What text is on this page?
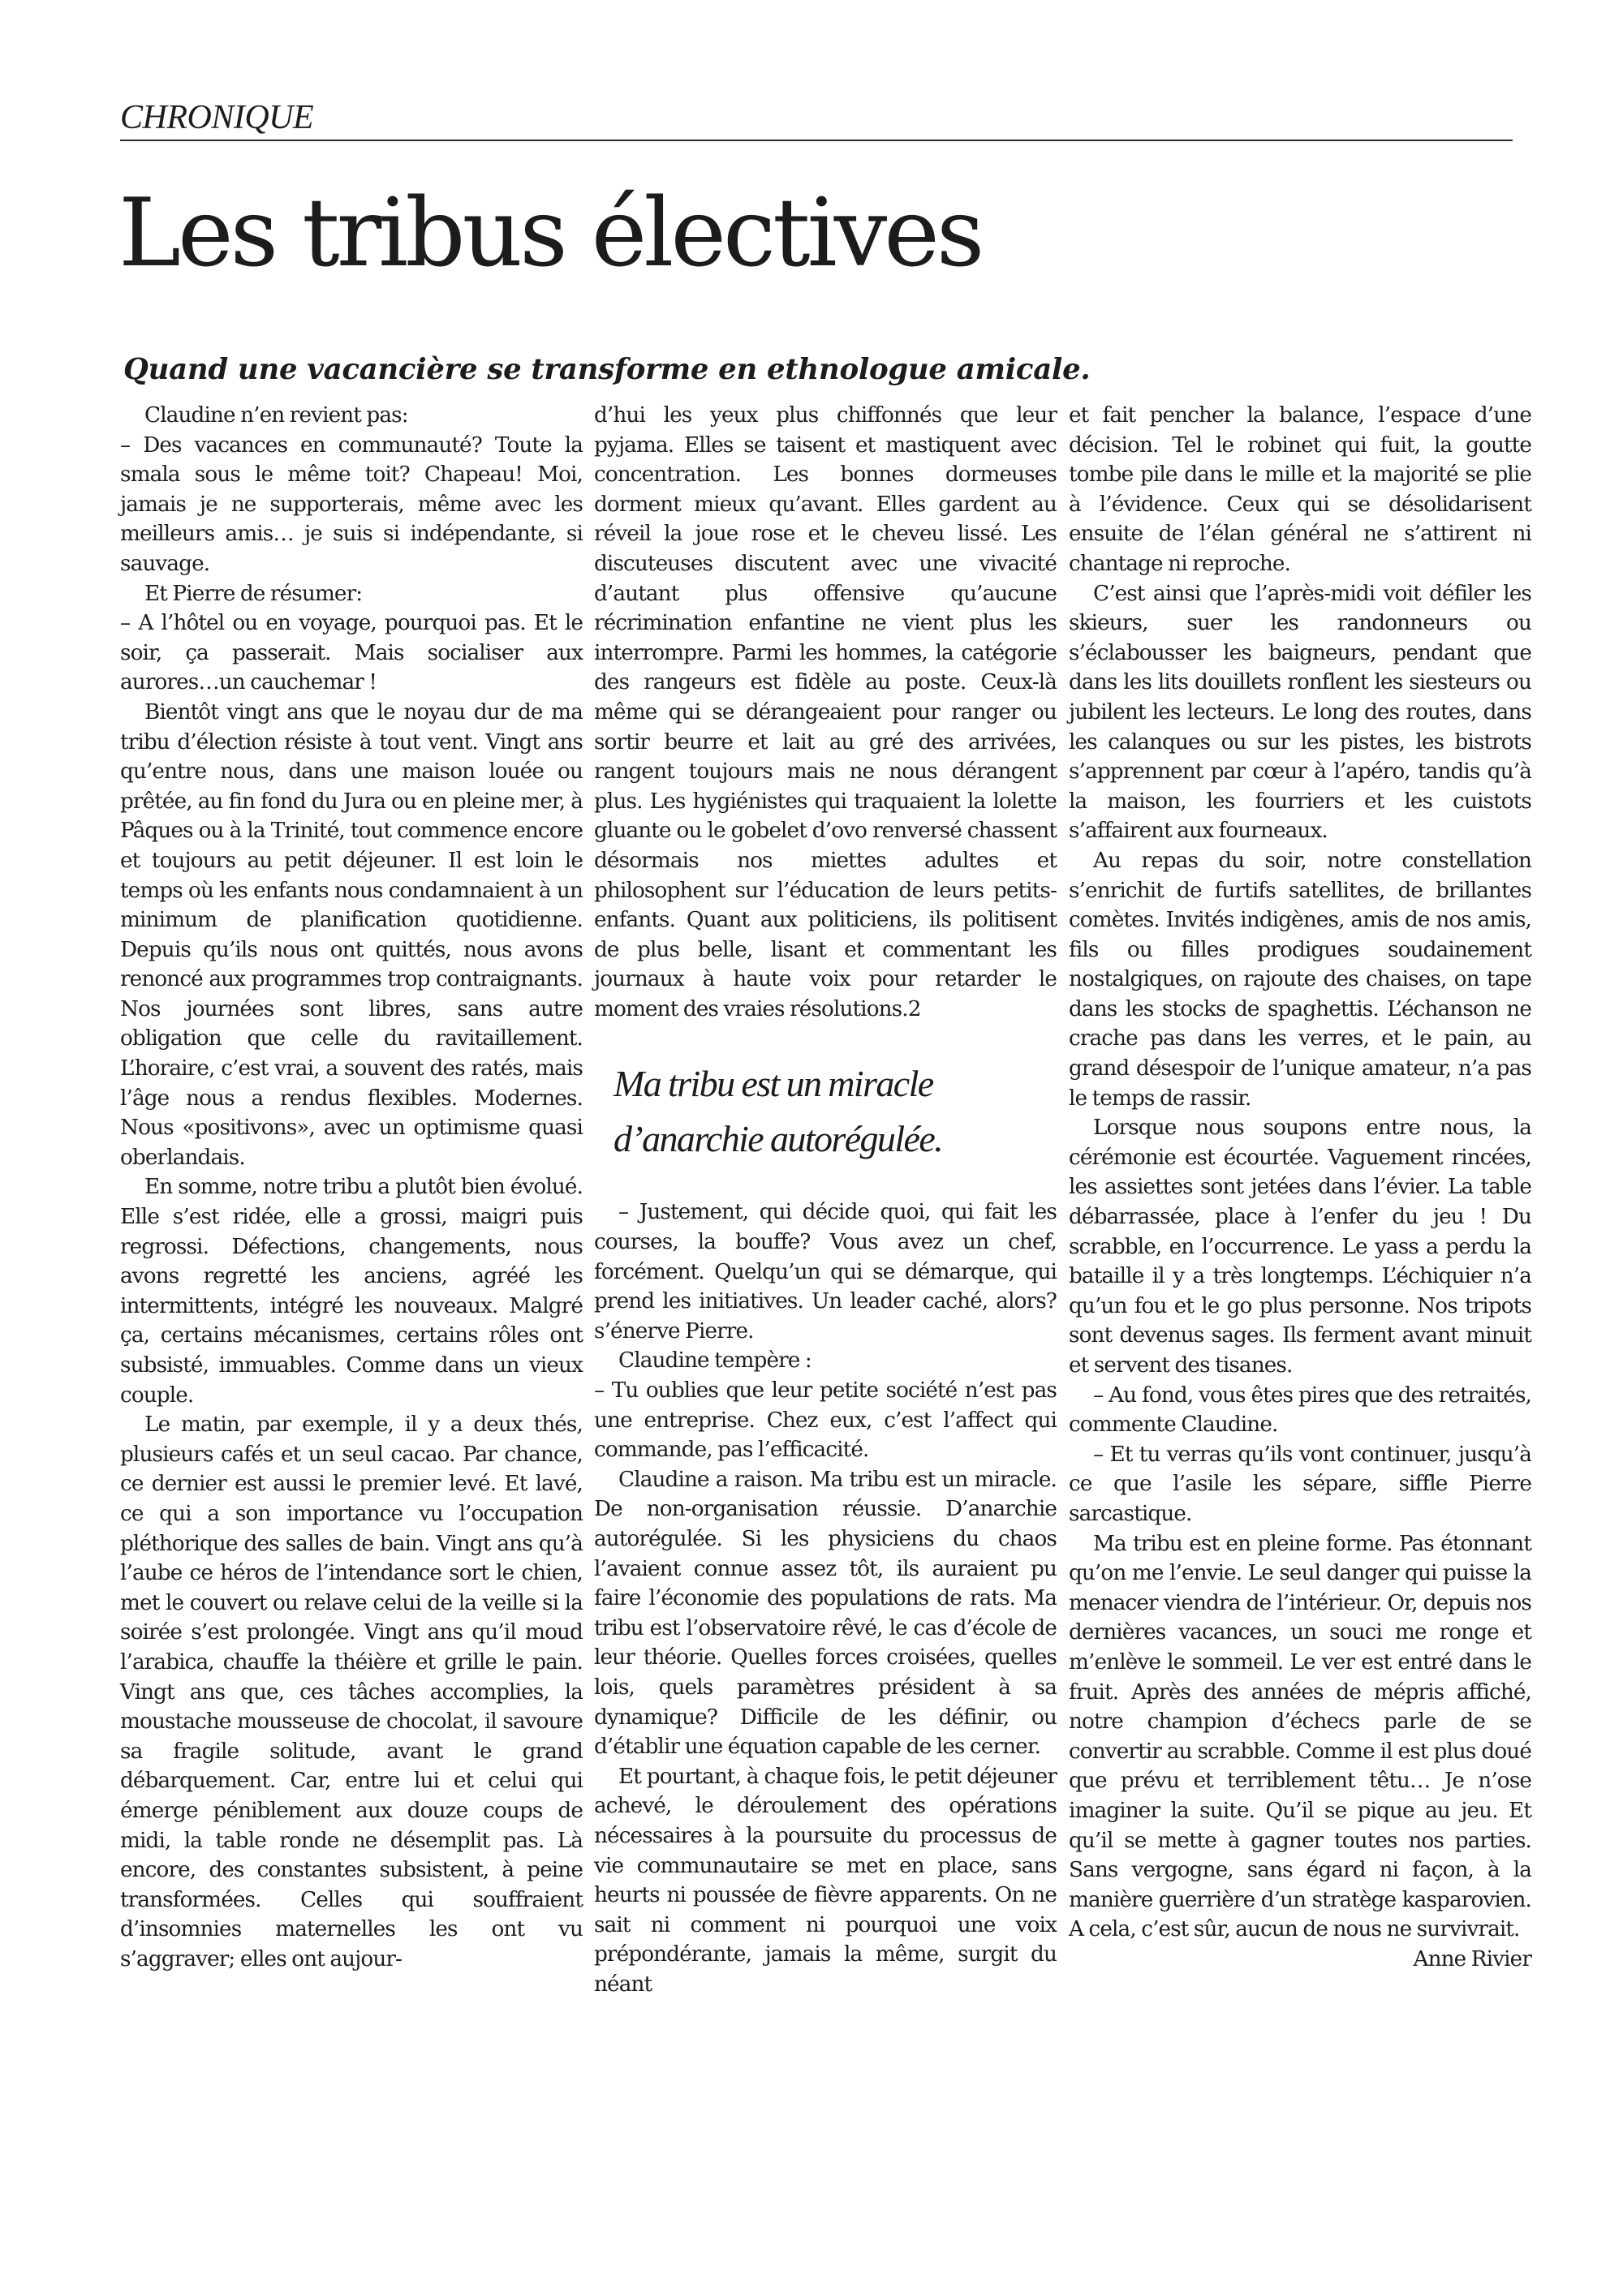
CHRONIQUE
Les tribus électives
Quand une vacancière se transforme en ethnologue amicale.

Claudine n’en revient pas:

– Des vacances en communauté? Toute la smala sous le même toit? Chapeau! Moi, jamais je ne supporterais, même avec les meilleurs amis… je suis si indépendante, si sauvage.

Et Pierre de résumer:

– A l’hôtel ou en voyage, pourquoi pas. Et le soir, ça passerait. Mais socialiser aux aurores…un cauchemar !

Bientôt vingt ans que le noyau dur de ma tribu d’élection résiste à tout vent. Vingt ans qu’entre nous, dans une maison louée ou prêtée, au fin fond du Jura ou en pleine mer, à Pâques ou à la Trinité, tout commence encore et toujours au petit déjeuner. Il est loin le temps où les enfants nous condamnaient à un minimum de planification quotidienne. Depuis qu’ils nous ont quittés, nous avons renoncé aux programmes trop contraignants. Nos journées sont libres, sans autre obligation que celle du ravitaillement. L’horaire, c’est vrai, a souvent des ratés, mais l’âge nous a rendus flexibles. Modernes. Nous «positivons», avec un optimisme quasi oberlandais.

En somme, notre tribu a plutôt bien évolué. Elle s’est ridée, elle a grossi, maigri puis regrossi. Défections, changements, nous avons regretté les anciens, agréé les intermittents, intégré les nouveaux. Malgré ça, certains mécanismes, certains rôles ont subsisté, immuables. Comme dans un vieux couple.

Le matin, par exemple, il y a deux thés, plusieurs cafés et un seul cacao. Par chance, ce dernier est aussi le premier levé. Et lavé, ce qui a son importance vu l’occupation pléthorique des salles de bain. Vingt ans qu’à l’aube ce héros de l’intendance sort le chien, met le couvert ou relave celui de la veille si la soirée s’est prolongée. Vingt ans qu’il moud l’arabica, chauffe la théière et grille le pain. Vingt ans que, ces tâches accomplies, la moustache mousseuse de chocolat, il savoure sa fragile solitude, avant le grand débarquement. Car, entre lui et celui qui émerge péniblement aux douze coups de midi, la table ronde ne désemplit pas. Là encore, des constantes subsistent, à peine transformées. Celles qui souffraient d’insomnies maternelles les ont vu s’aggraver; elles ont aujour-

d’hui les yeux plus chiffonnés que leur pyjama. Elles se taisent et mastiquent avec concentration. Les bonnes dormeuses dorment mieux qu’avant. Elles gardent au réveil la joue rose et le cheveu lissé. Les discuteuses discutent avec une vivacité d’autant plus offensive qu’aucune récrimination enfantine ne vient plus les interrompre. Parmi les hommes, la catégorie des rangeurs est fidèle au poste. Ceux-là même qui se dérangeaient pour ranger ou sortir beurre et lait au gré des arrivées, rangent toujours mais ne nous dérangent plus. Les hygiénistes qui traquaient la lolette gluante ou le gobelet d’ovo renversé chassent désormais nos miettes adultes et philosophent sur l’éducation de leurs petits-enfants. Quant aux politiciens, ils politisent de plus belle, lisant et commentant les journaux à haute voix pour retarder le moment des vraies résolutions.2

Ma tribu est un miracle d’anarchie autorégulée.

– Justement, qui décide quoi, qui fait les courses, la bouffe? Vous avez un chef, forcément. Quelqu’un qui se démarque, qui prend les initiatives. Un leader caché, alors? s’énerve Pierre.

Claudine tempère :

– Tu oublies que leur petite société n’est pas une entreprise. Chez eux, c’est l’affect qui commande, pas l’efficacité.

Claudine a raison. Ma tribu est un miracle. De non-organisation réussie. D’anarchie autorégulée. Si les physiciens du chaos l’avaient connue assez tôt, ils auraient pu faire l’économie des populations de rats. Ma tribu est l’observatoire rêvé, le cas d’école de leur théorie. Quelles forces croisées, quelles lois, quels paramètres président à sa dynamique? Difficile de les définir, ou d’établir une équation capable de les cerner.

Et pourtant, à chaque fois, le petit déjeuner achevé, le déroulement des opérations nécessaires à la poursuite du processus de vie communautaire se met en place, sans heurts ni poussée de fièvre apparents. On ne sait ni comment ni pourquoi une voix prépondérante, jamais la même, surgit du néant

et fait pencher la balance, l’espace d’une décision. Tel le robinet qui fuit, la goutte tombe pile dans le mille et la majorité se plie à l’évidence. Ceux qui se désolidarisent ensuite de l’élan général ne s’attirent ni chantage ni reproche.

C’est ainsi que l’après-midi voit défiler les skieurs, suer les randonneurs ou s’éclabousser les baigneurs, pendant que dans les lits douillets ronflent les siesteurs ou jubilent les lecteurs. Le long des routes, dans les calanques ou sur les pistes, les bistrots s’apprennent par cœur à l’apéro, tandis qu’à la maison, les fourriers et les cuistots s’affairent aux fourneaux.

Au repas du soir, notre constellation s’enrichit de furtifs satellites, de brillantes comètes. Invités indigènes, amis de nos amis, fils ou filles prodigues soudainement nostalgiques, on rajoute des chaises, on tape dans les stocks de spaghettis. L’échanson ne crache pas dans les verres, et le pain, au grand désespoir de l’unique amateur, n’a pas le temps de rassir.

Lorsque nous soupons entre nous, la cérémonie est écourtée. Vaguement rincées, les assiettes sont jetées dans l’évier. La table débarrassée, place à l’enfer du jeu ! Du scrabble, en l’occurrence. Le yass a perdu la bataille il y a très longtemps. L’échiquier n’a qu’un fou et le go plus personne. Nos tripots sont devenus sages. Ils ferment avant minuit et servent des tisanes.

– Au fond, vous êtes pires que des retraités, commente Claudine.

– Et tu verras qu’ils vont continuer, jusqu’à ce que l’asile les sépare, siffle Pierre sarcastique.

Ma tribu est en pleine forme. Pas étonnant qu’on me l’envie. Le seul danger qui puisse la menacer viendra de l’intérieur. Or, depuis nos dernières vacances, un souci me ronge et m’enlève le sommeil. Le ver est entré dans le fruit. Après des années de mépris affiché, notre champion d’échecs parle de se convertir au scrabble. Comme il est plus doué que prévu et terriblement têtu… Je n’ose imaginer la suite. Qu’il se pique au jeu. Et qu’il se mette à gagner toutes nos parties. Sans vergogne, sans égard ni façon, à la manière guerrière d’un stratège kasparovien. A cela, c’est sûr, aucun de nous ne survivrait.

Anne Rivier
